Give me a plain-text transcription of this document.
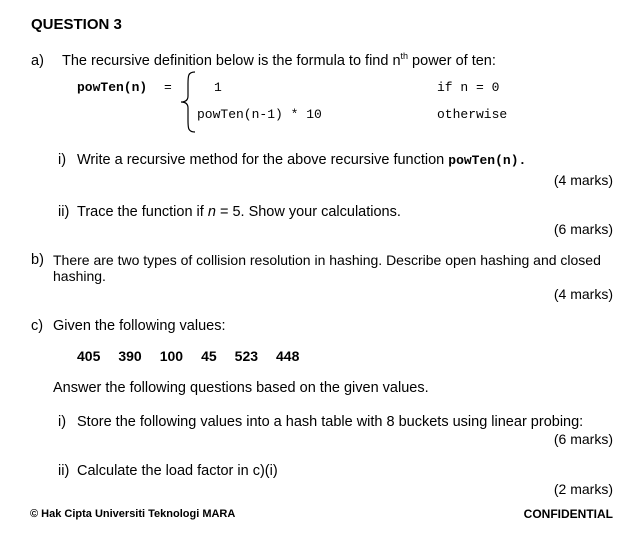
QUESTION 3
a) The recursive definition below is the formula to find $n^{th}$ power of ten:
powTen(n) =	1	if n = 0
powTen(n-1) * 10	otherwise
i) Write a recursive method for the above recursive function powTen(n).
(4 marks)
ii) Trace the function if n = 5. Show your calculations.
(6 marks)
b) There are two types of collision resolution in hashing. Describe open hashing and closed
hashing.
(4 marks)
c) Given the following values:
405 390 100 45 523 448
Answer the following questions based on the given values.
i) Store the following values into a hash table with 8 buckets using linear probing:
(6 marks)
ii) Calculate the load factor in c)(i)
(2 marks)
© Hak Cipta Universiti Teknologi MARA	CONFIDENTIAL
